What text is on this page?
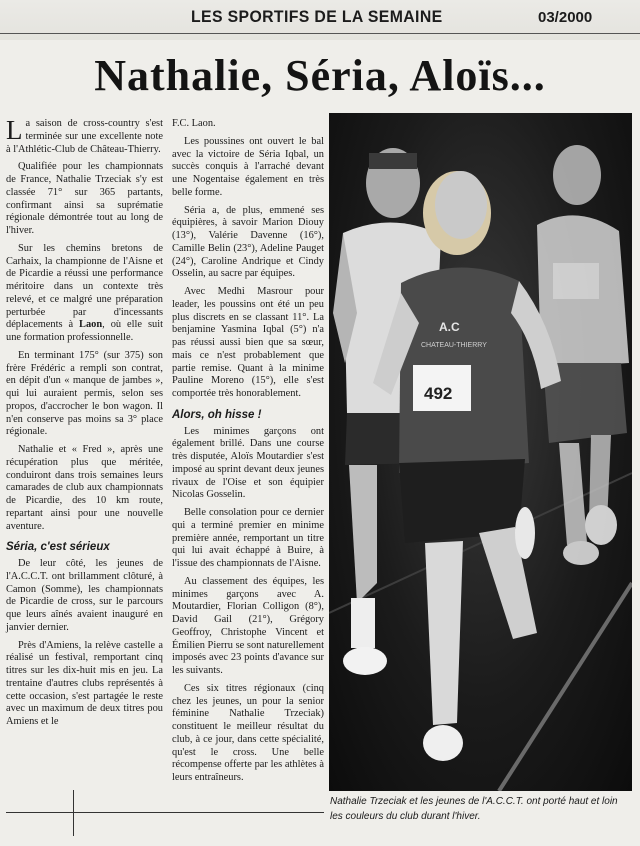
LES SPORTIFS DE LA SEMAINE	03/2000
Nathalie, Séria, Aloïs...

La saison de cross-country s'est terminée sur une excellente note à l'Athlétic-Club de Château-Thierry.

Qualifiée pour les championnats de France, Nathalie Trzeciak s'y est classée 71° sur 365 partants, confirmant ainsi sa suprématie régionale démontrée tout au long de l'hiver.

Sur les chemins bretons de Carhaix, la championne de l'Aisne et de Picardie a réussi une performance méritoire dans un contexte très relevé, et ce malgré une préparation perturbée par d'incessants déplacements à Laon, où elle suit une formation professionnelle.

En terminant 175° (sur 375) son frère Frédéric a rempli son contrat, en dépit d'un « manque de jambes », qui lui auraient permis, selon ses propos, d'accrocher le bon wagon. Il n'en conserve pas moins sa 3° place régionale.

Nathalie et « Fred », après une récupération plus que méritée, conduiront dans trois semaines leurs camarades de club aux championnats de Picardie, des 10 km route, repartant ainsi pour une nouvelle aventure.

Séria, c'est sérieux

De leur côté, les jeunes de l'A.C.C.T. ont brillamment clôturé, à Camon (Somme), les championnats de Picardie de cross, sur le parcours que leurs aînés avaient inauguré en janvier dernier.

Près d'Amiens, la relève castelle a réalisé un festival, remportant cinq titres sur les dix-huit mis en jeu. La trentaine d'autres clubs représentés à cette occasion, s'est partagée le reste avec un maximum de deux titres pou Amiens et le

F.C. Laon.

Les poussines ont ouvert le bal avec la victoire de Séria Iqbal, un succès conquis à l'arraché devant une Nogentaise également en très belle forme.

Séria a, de plus, emmené ses équipières, à savoir Marion Diouy (13°), Valérie Davenne (16°), Camille Belin (23°), Adeline Pauget (24°), Caroline Andrique et Cindy Osselin, au sacre par équipes.

Avec Medhi Masrour pour leader, les poussins ont été un peu plus discrets en se classant 11°. La benjamine Yasmina Iqbal (5°) n'a pas réussi aussi bien que sa sœur, mais ce n'est probablement que partie remise. Quant à la minime Pauline Moreno (15°), elle s'est comportée très honorablement.

Alors, oh hisse !

Les minimes garçons ont également brillé. Dans une course très disputée, Aloïs Moutardier s'est imposé au sprint devant deux jeunes rivaux de l'Oise et son équipier Nicolas Gosselin.

Belle consolation pour ce dernier qui a terminé premier en minime première année, remportant un titre qui lui avait échappé à Buire, à l'issue des championnats de l'Aisne.

Au classement des équipes, les minimes garçons avec A. Moutardier, Florian Colligon (8°), David Gail (21°), Grégory Geoffroy, Christophe Vincent et Émilien Pierru se sont naturellement imposés avec 23 points d'avance sur les suivants.

Ces six titres régionaux (cinq chez les jeunes, un pour la senior féminine Nathalie Trzeciak) constituent le meilleur résultat du club, à ce jour, dans cette spécialité, qu'est le cross. Une belle récompense offerte par les athlètes à leurs entraîneurs.

492
A.C
CHATEAU-THIERRY
Nathalie Trzeciak et les jeunes de l'A.C.C.T. ont porté haut et loin les couleurs du club durant l'hiver.
